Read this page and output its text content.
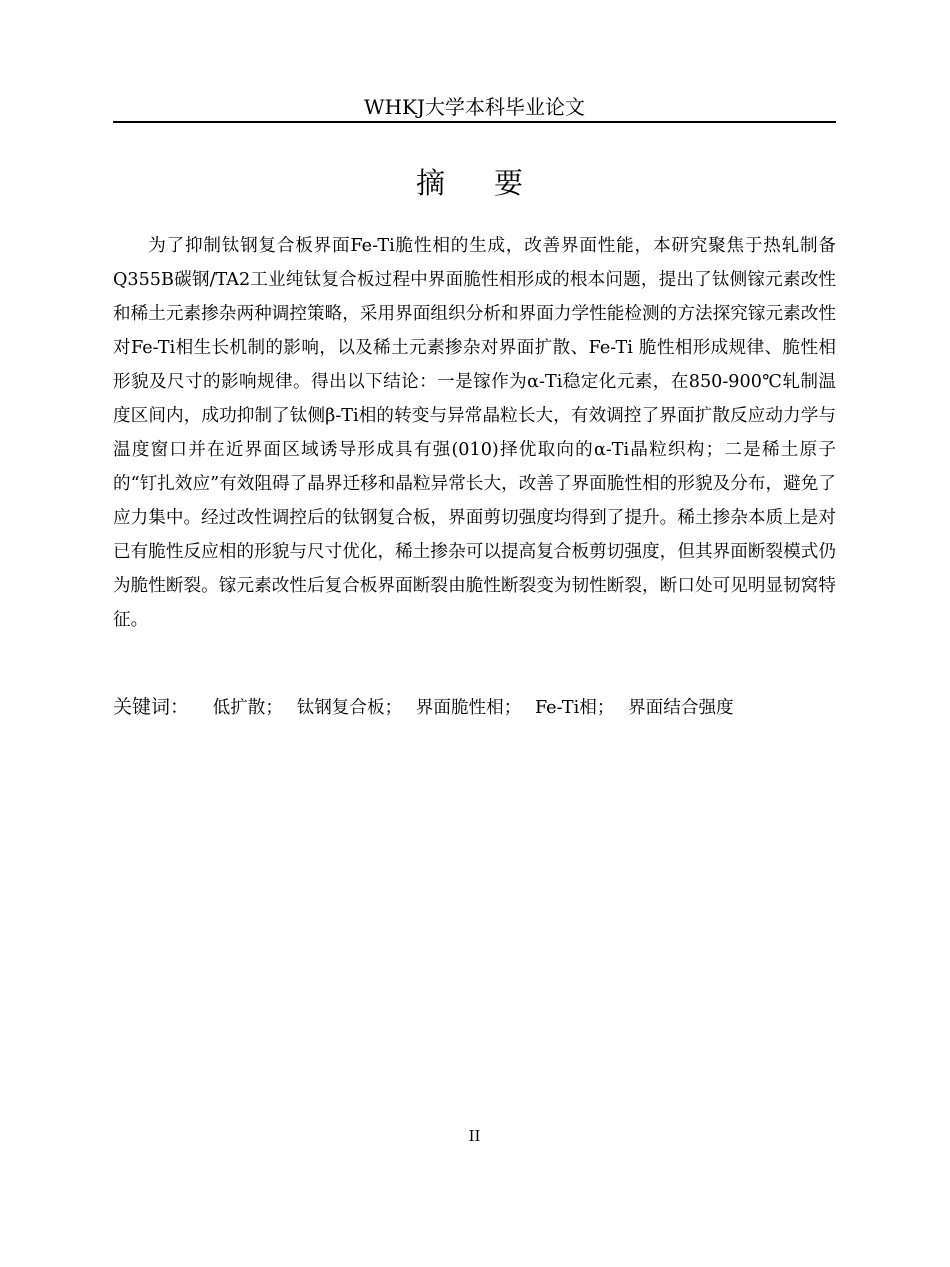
WHKJ大学本科毕业论文
摘　要

为了抑制钛钢复合板界面Fe-Ti脆性相的生成，改善界面性能，本研究聚焦于热轧制备Q355B碳钢/TA2工业纯钛复合板过程中界面脆性相形成的根本问题，提出了钛侧镓元素改性和稀土元素掺杂两种调控策略，采用界面组织分析和界面力学性能检测的方法探究镓元素改性对Fe-Ti相生长机制的影响，以及稀土元素掺杂对界面扩散、Fe-Ti 脆性相形成规律、脆性相形貌及尺寸的影响规律。得出以下结论：一是镓作为α-Ti稳定化元素，在850-900℃轧制温度区间内，成功抑制了钛侧β-Ti相的转变与异常晶粒长大，有效调控了界面扩散反应动力学与温度窗口并在近界面区域诱导形成具有强(010)择优取向的α-Ti晶粒织构；二是稀土原子的“钉扎效应”有效阻碍了晶界迁移和晶粒异常长大，改善了界面脆性相的形貌及分布，避免了应力集中。经过改性调控后的钛钢复合板，界面剪切强度均得到了提升。稀土掺杂本质上是对已有脆性反应相的形貌与尺寸优化，稀土掺杂可以提高复合板剪切强度，但其界面断裂模式仍为脆性断裂。镓元素改性后复合板界面断裂由脆性断裂变为韧性断裂，断口处可见明显韧窝特征。

关键词： 低扩散； 钛钢复合板； 界面脆性相； Fe-Ti相； 界面结合强度
II
